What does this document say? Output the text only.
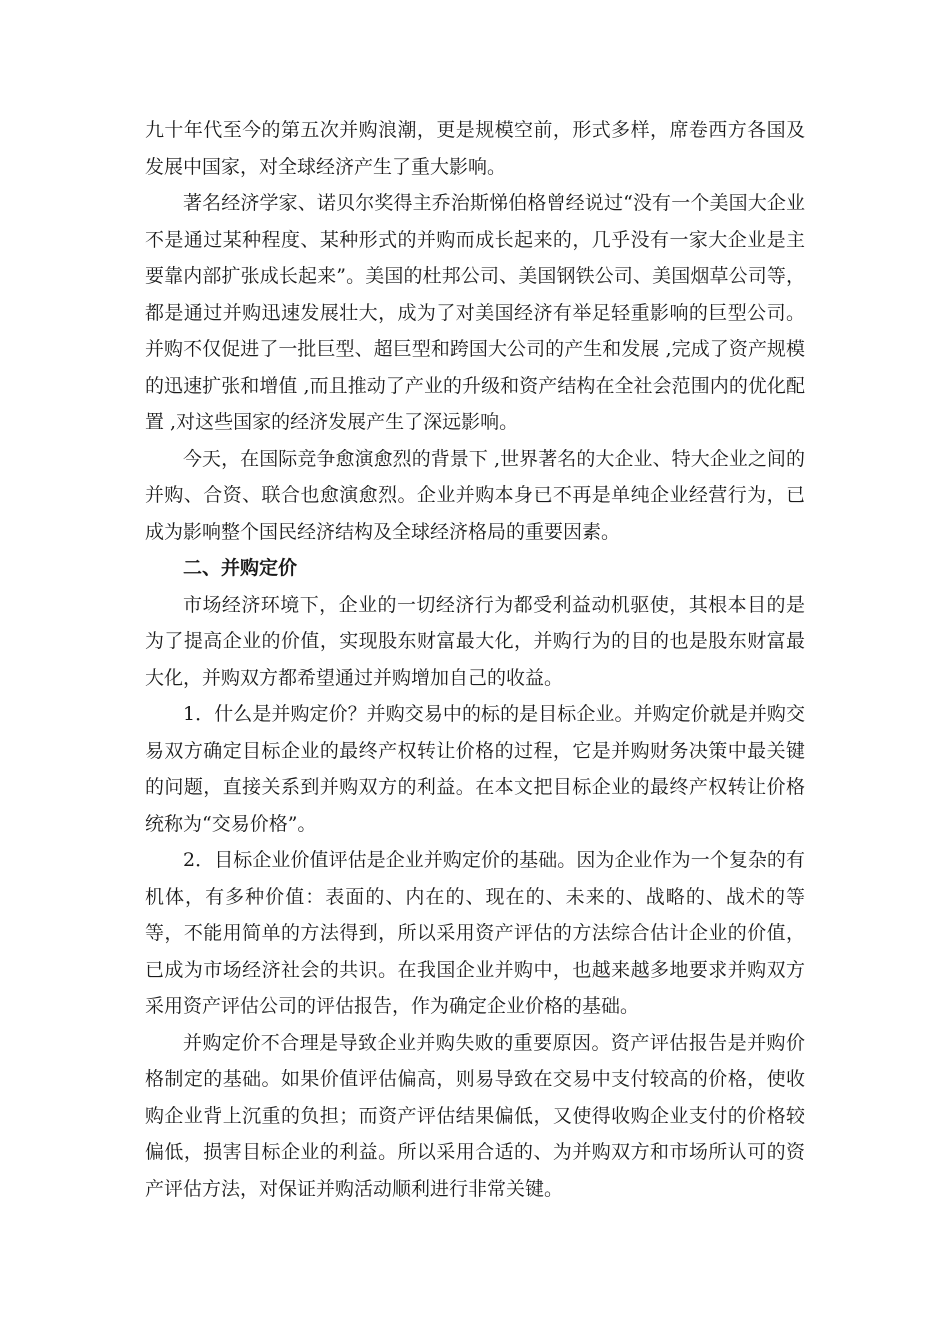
九十年代至今的第五次并购浪潮，更是规模空前，形式多样，席卷西方各国及发展中国家，对全球经济产生了重大影响。

著名经济学家、诺贝尔奖得主乔治斯悌伯格曾经说过“没有一个美国大企业不是通过某种程度、某种形式的并购而成长起来的，几乎没有一家大企业是主要靠内部扩张成长起来”。美国的杜邦公司、美国钢铁公司、美国烟草公司等，都是通过并购迅速发展壮大，成为了对美国经济有举足轻重影响的巨型公司。并购不仅促进了一批巨型、超巨型和跨国大公司的产生和发展 ,完成了资产规模的迅速扩张和增值 ,而且推动了产业的升级和资产结构在全社会范围内的优化配置 ,对这些国家的经济发展产生了深远影响。

今天，在国际竞争愈演愈烈的背景下 ,世界著名的大企业、特大企业之间的并购、合资、联合也愈演愈烈。企业并购本身已不再是单纯企业经营行为，已成为影响整个国民经济结构及全球经济格局的重要因素。

二、并购定价

市场经济环境下，企业的一切经济行为都受利益动机驱使，其根本目的是为了提高企业的价值，实现股东财富最大化，并购行为的目的也是股东财富最大化，并购双方都希望通过并购增加自己的收益。

1．什么是并购定价？并购交易中的标的是目标企业。并购定价就是并购交易双方确定目标企业的最终产权转让价格的过程，它是并购财务决策中最关键的问题，直接关系到并购双方的利益。在本文把目标企业的最终产权转让价格统称为“交易价格”。

2．目标企业价值评估是企业并购定价的基础。因为企业作为一个复杂的有机体，有多种价值：表面的、内在的、现在的、未来的、战略的、战术的等等，不能用简单的方法得到，所以采用资产评估的方法综合估计企业的价值，已成为市场经济社会的共识。在我国企业并购中，也越来越多地要求并购双方采用资产评估公司的评估报告，作为确定企业价格的基础。

并购定价不合理是导致企业并购失败的重要原因。资产评估报告是并购价格制定的基础。如果价值评估偏高，则易导致在交易中支付较高的价格，使收购企业背上沉重的负担；而资产评估结果偏低，又使得收购企业支付的价格较偏低，损害目标企业的利益。所以采用合适的、为并购双方和市场所认可的资产评估方法，对保证并购活动顺利进行非常关键。
